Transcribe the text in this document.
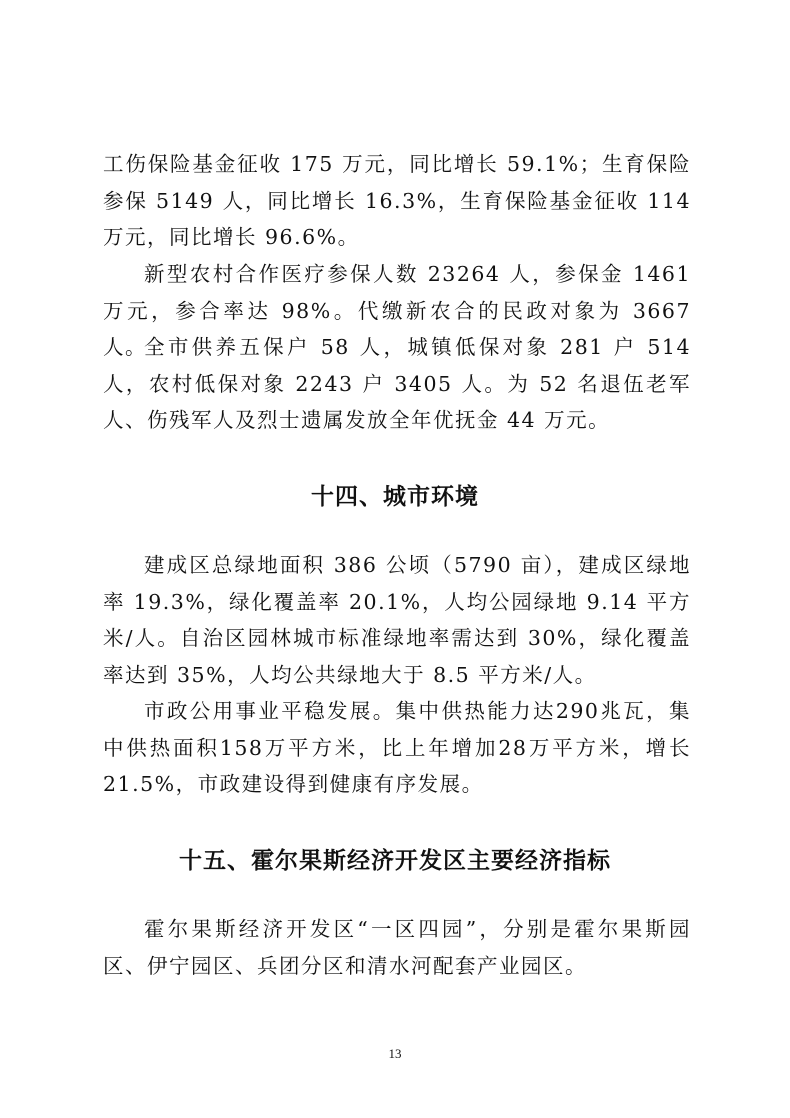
工伤保险基金征收 175 万元，同比增长 59.1%；生育保险参保 5149 人，同比增长 16.3%，生育保险基金征收 114 万元，同比增长 96.6%。

新型农村合作医疗参保人数 23264 人，参保金 1461 万元，参合率达 98%。代缴新农合的民政对象为 3667 人。

全市供养五保户 58 人，城镇低保对象 281 户 514 人，农村低保对象 2243 户 3405 人。为 52 名退伍老军人、伤残军人及烈士遗属发放全年优抚金 44 万元。

十四、城市环境

建成区总绿地面积 386 公顷（5790 亩），建成区绿地率 19.3%，绿化覆盖率 20.1%，人均公园绿地 9.14 平方米/人。自治区园林城市标准绿地率需达到 30%，绿化覆盖率达到 35%，人均公共绿地大于 8.5 平方米/人。

市政公用事业平稳发展。集中供热能力达290兆瓦，集中供热面积158万平方米，比上年增加28万平方米，增长21.5%，市政建设得到健康有序发展。

十五、霍尔果斯经济开发区主要经济指标

霍尔果斯经济开发区“一区四园”，分别是霍尔果斯园区、伊宁园区、兵团分区和清水河配套产业园区。

13
